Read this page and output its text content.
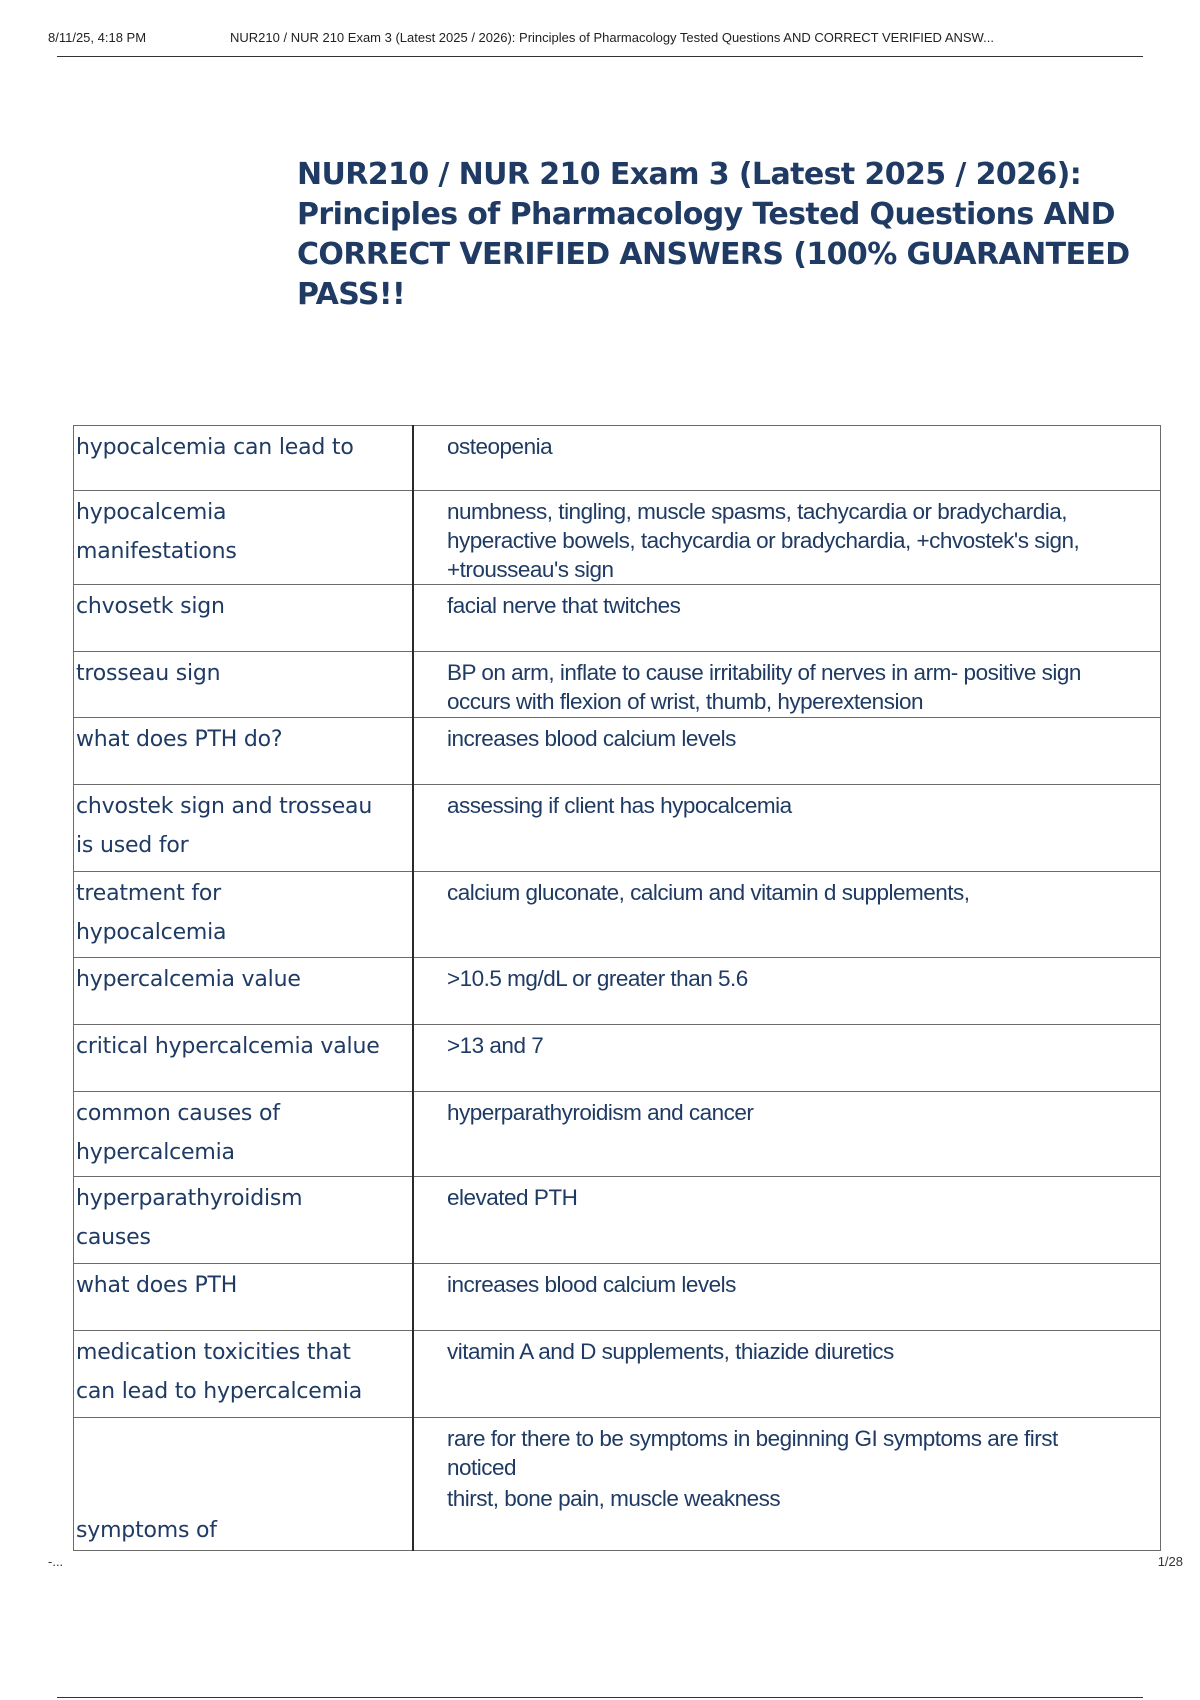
8/11/25, 4:18 PM	NUR210 / NUR 210 Exam 3 (Latest 2025 / 2026): Principles of Pharmacology Tested Questions AND CORRECT VERIFIED ANSW...
NUR210 / NUR 210 Exam 3 (Latest 2025 / 2026): Principles of Pharmacology Tested Questions AND CORRECT VERIFIED ANSWERS (100% GUARANTEED PASS!!
hypocalcemia can lead to	osteopenia

hypocalcemia
manifestations	numbness, tingling, muscle spasms, tachycardia or bradychardia,
hyperactive bowels, tachycardia or bradychardia, +chvostek's sign,
+trousseau's sign

chvosetk sign	facial nerve that twitches

trosseau sign	BP on arm, inflate to cause irritability of nerves in arm- positive sign
occurs with flexion of wrist, thumb, hyperextension

what does PTH do?	increases blood calcium levels

chvostek sign and trosseau
is used for	assessing if client has hypocalcemia

treatment for
hypocalcemia	calcium gluconate, calcium and vitamin d supplements,

hypercalcemia value	>10.5 mg/dL or greater than 5.6

critical hypercalcemia value	>13 and 7

common causes of
hypercalcemia	hyperparathyroidism and cancer

hyperparathyroidism
causes	elevated PTH

what does PTH	increases blood calcium levels

medication toxicities that
can lead to hypercalcemia	vitamin A and D supplements, thiazide diuretics

symptoms of	rare for there to be symptoms in beginning GI symptoms are first
noticed
thirst, bone pain, muscle weakness
-...	1/28
